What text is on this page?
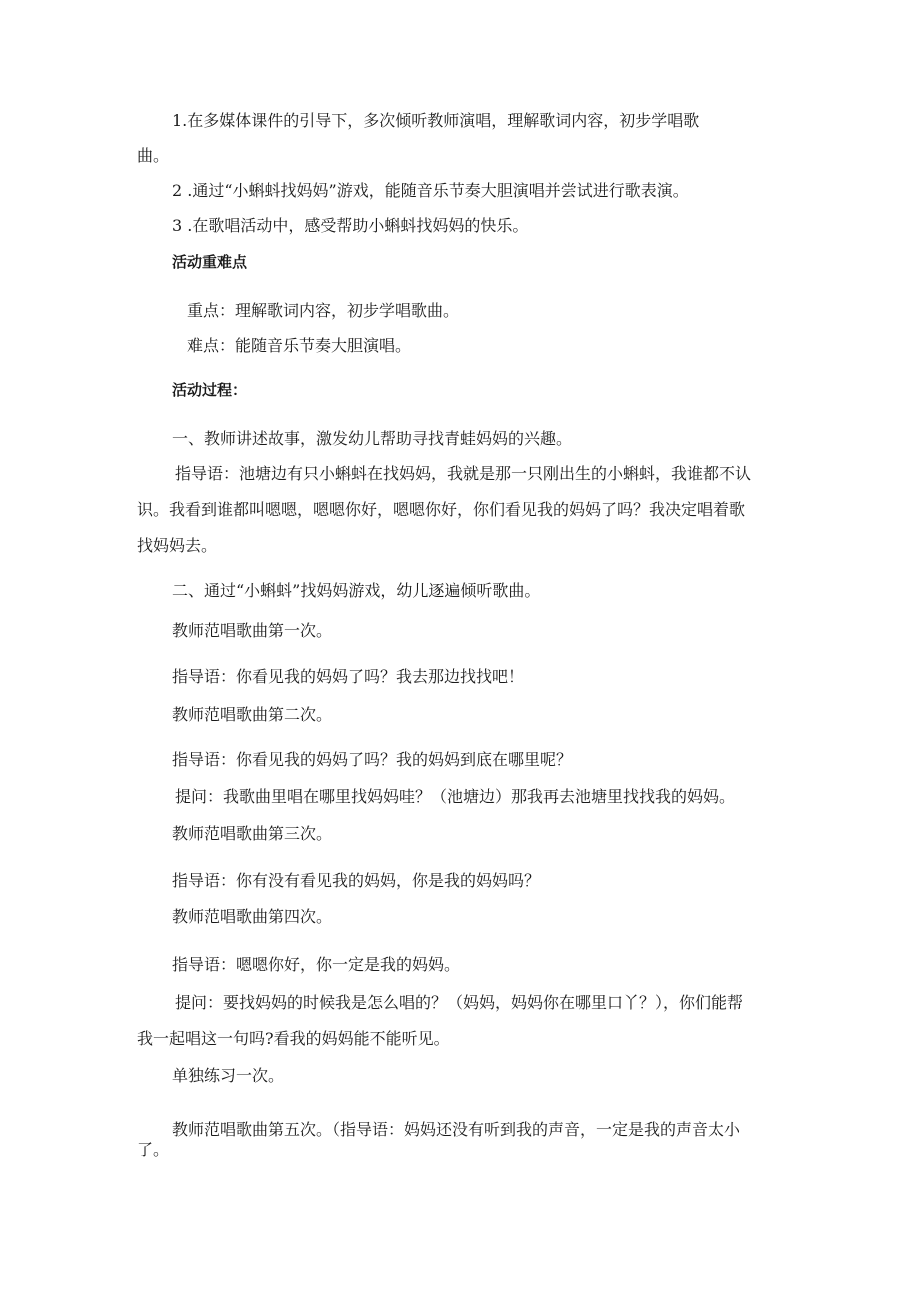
1.在多媒体课件的引导下，多次倾听教师演唱，理解歌词内容，初步学唱歌
曲。
2 .通过“小蝌蚪找妈妈”游戏，能随音乐节奏大胆演唱并尝试进行歌表演。
3 .在歌唱活动中，感受帮助小蝌蚪找妈妈的快乐。
活动重难点
重点：理解歌词内容，初步学唱歌曲。
难点：能随音乐节奏大胆演唱。
活动过程：
一、教师讲述故事，激发幼儿帮助寻找青蛙妈妈的兴趣。
指导语：池塘边有只小蝌蚪在找妈妈，我就是那一只刚出生的小蝌蚪，我谁都不认
识。我看到谁都叫嗯嗯，嗯嗯你好，嗯嗯你好，你们看见我的妈妈了吗？我决定唱着歌
找妈妈去。
二、通过“小蝌蚪”找妈妈游戏，幼儿逐遍倾听歌曲。
教师范唱歌曲第一次。
指导语：你看见我的妈妈了吗？我去那边找找吧！
教师范唱歌曲第二次。
指导语：你看见我的妈妈了吗？我的妈妈到底在哪里呢？
提问：我歌曲里唱在哪里找妈妈哇？（池塘边）那我再去池塘里找找我的妈妈。
教师范唱歌曲第三次。
指导语：你有没有看见我的妈妈，你是我的妈妈吗？
教师范唱歌曲第四次。
指导语：嗯嗯你好，你一定是我的妈妈。
提问：要找妈妈的时候我是怎么唱的？（妈妈，妈妈你在哪里口丫？），你们能帮
我一起唱这一句吗?看我的妈妈能不能听见。
单独练习一次。
教师范唱歌曲第五次。（指导语：妈妈还没有听到我的声音，一定是我的声音太小
了。
